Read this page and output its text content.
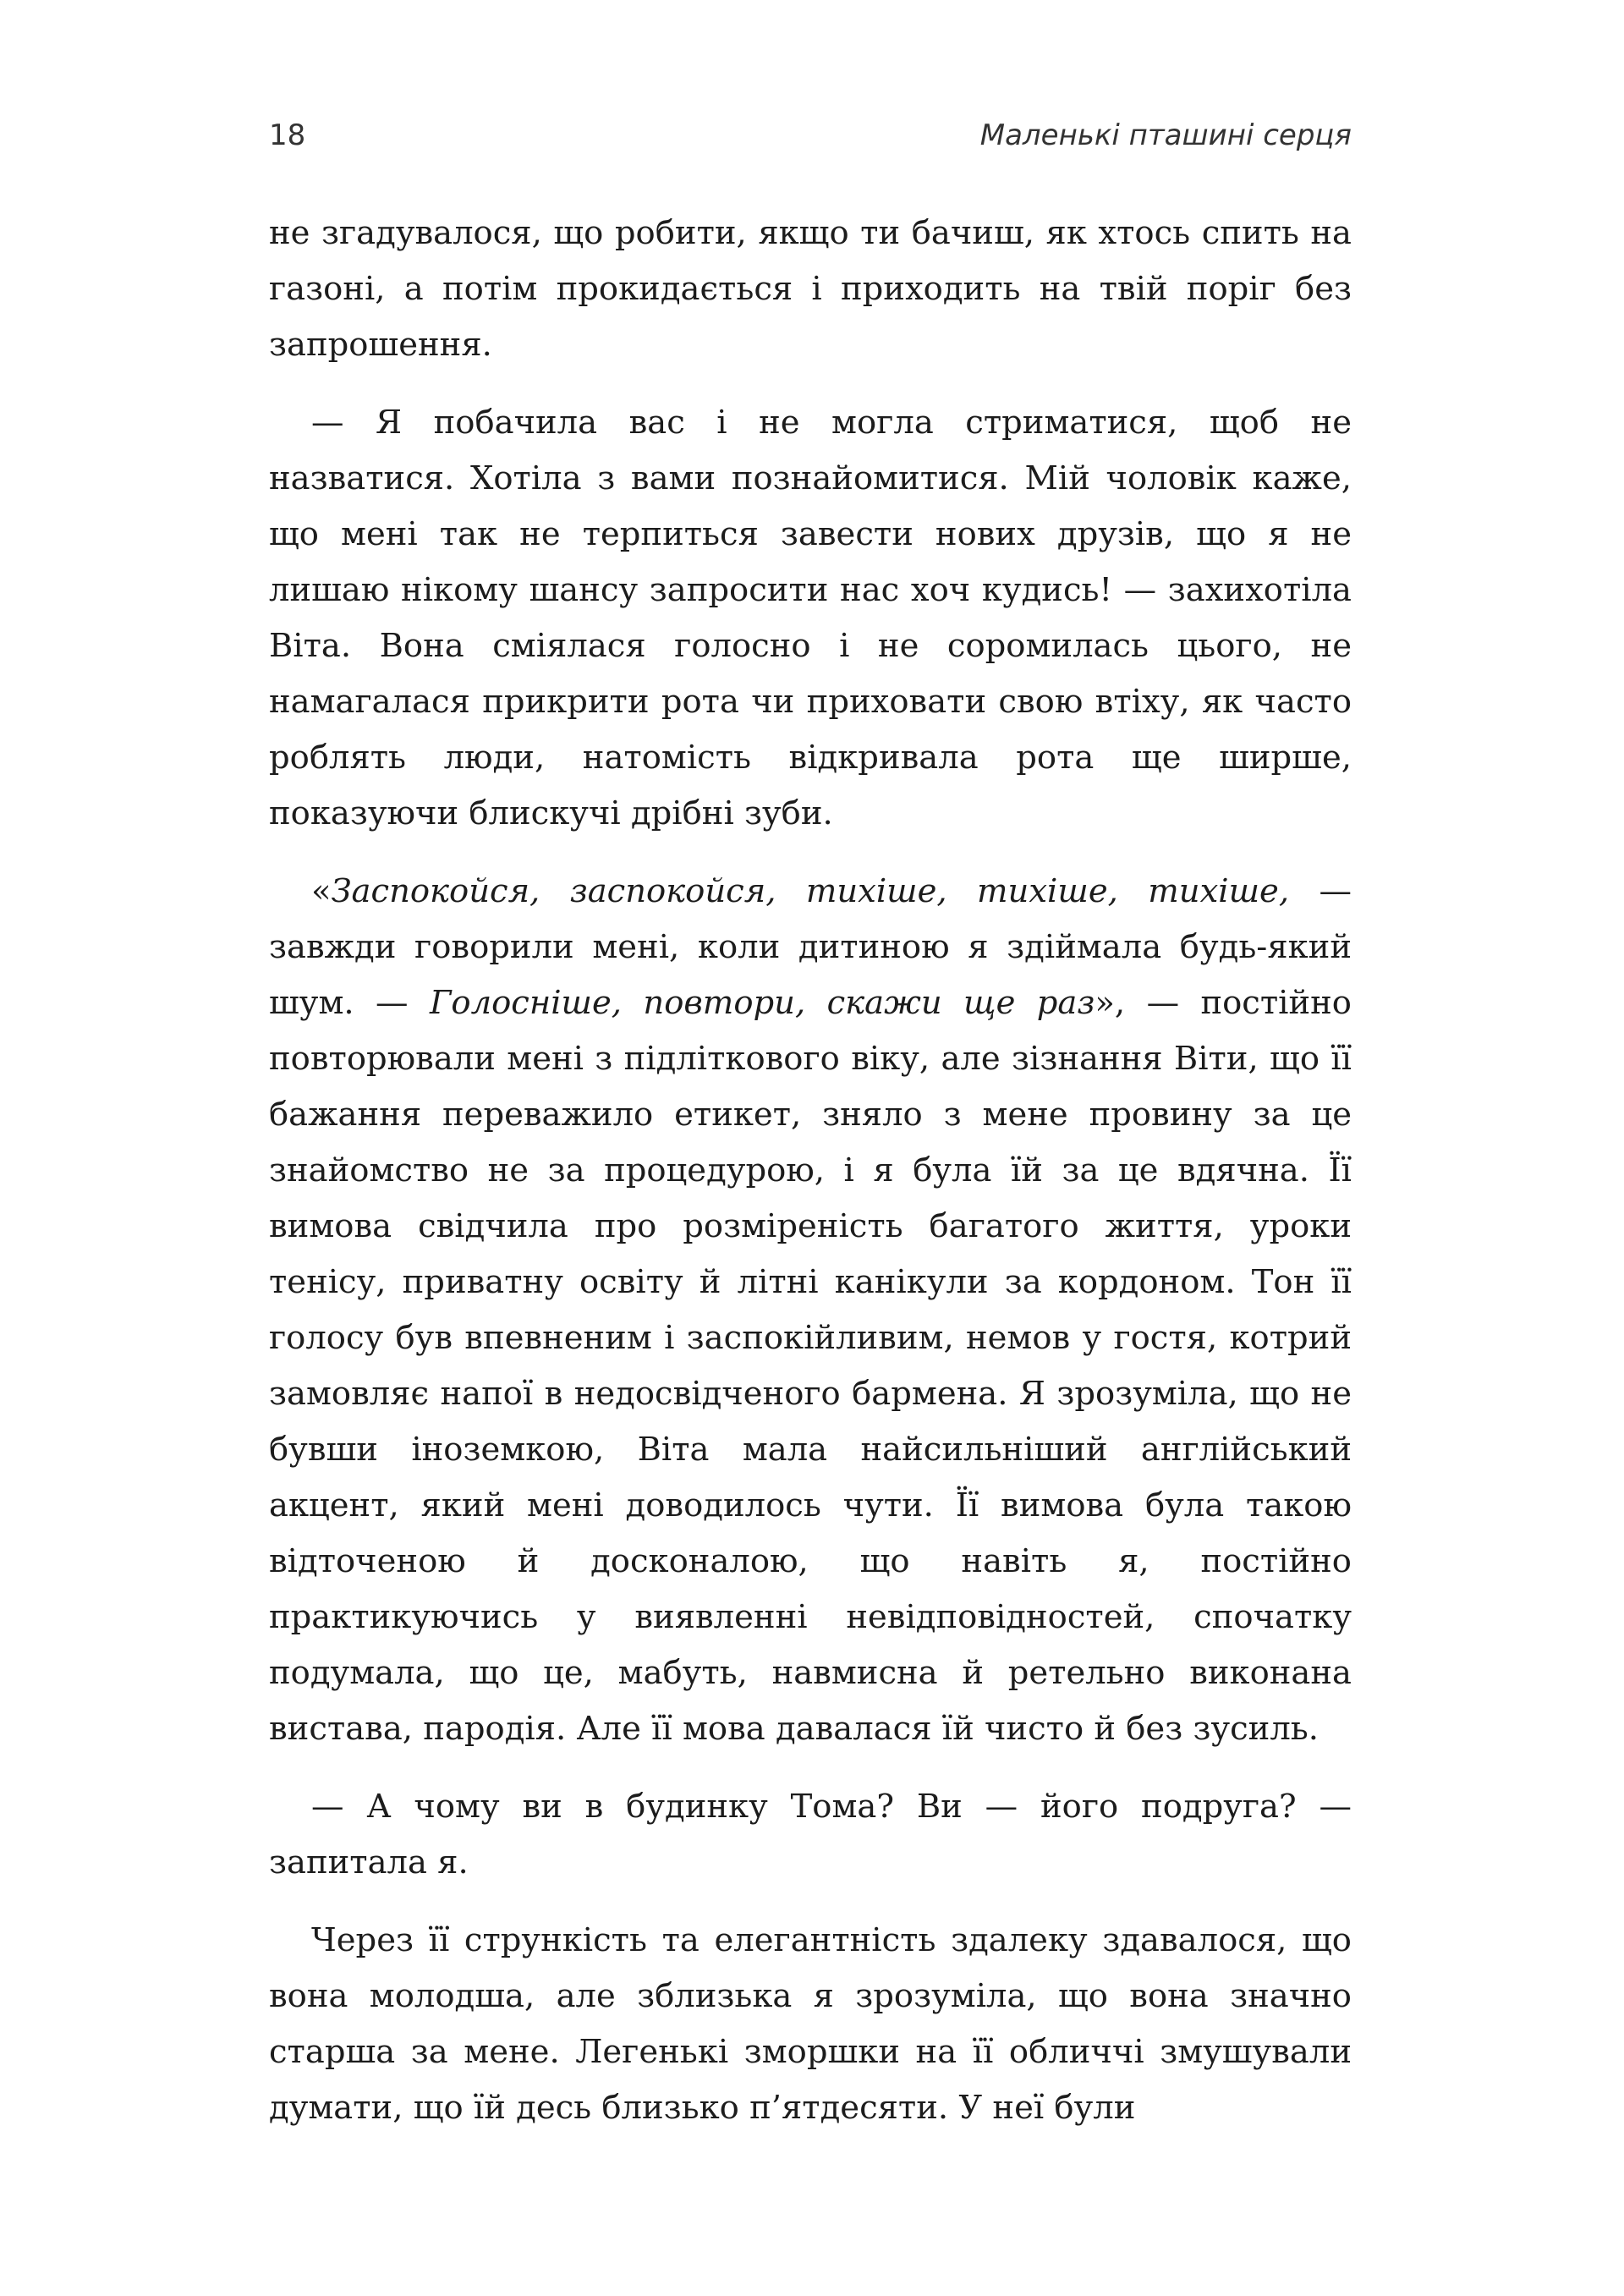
18	Маленькі пташині серця

не згадувалося, що робити, якщо ти бачиш, як хтось спить на газоні, а потім прокидається і приходить на твій поріг без запрошення.

— Я побачила вас і не могла стриматися, щоб не назватися. Хотіла з вами познайомитися. Мій чоловік каже, що мені так не терпиться завести нових друзів, що я не лишаю нікому шансу запросити нас хоч кудись! — захихотіла Віта. Вона сміялася голосно і не соромилась цього, не намагалася прикрити рота чи приховати свою втіху, як часто роблять люди, натомість відкривала рота ще ширше, показуючи блискучі дрібні зуби.

«Заспокойся, заспокойся, тихіше, тихіше, тихіше, — завжди говорили мені, коли дитиною я здіймала будь-який шум. — Голосніше, повтори, скажи ще раз», — постійно повторювали мені з підліткового віку, але зізнання Віти, що її бажання переважило етикет, зняло з мене провину за це знайомство не за процедурою, і я була їй за це вдячна. Її вимова свідчила про розміреність багатого життя, уроки тенісу, приватну освіту й літні канікули за кордоном. Тон її голосу був впевненим і заспокійливим, немов у гостя, котрий замовляє напої в недосвідченого бармена. Я зрозуміла, що не бувши іноземкою, Віта мала найсильніший англійський акцент, який мені доводилось чути. Її вимова була такою відточеною й досконалою, що навіть я, постійно практикуючись у виявленні невідповідностей, спочатку подумала, що це, мабуть, навмисна й ретельно виконана вистава, пародія. Але її мова давалася їй чисто й без зусиль.

— А чому ви в будинку Тома? Ви — його подруга? — запитала я.

Через її стрункість та елегантність здалеку здавалося, що вона молодша, але зблизька я зрозуміла, що вона значно старша за мене. Легенькі зморшки на її обличчі змушували думати, що їй десь близько п’ятдесяти. У неї були
